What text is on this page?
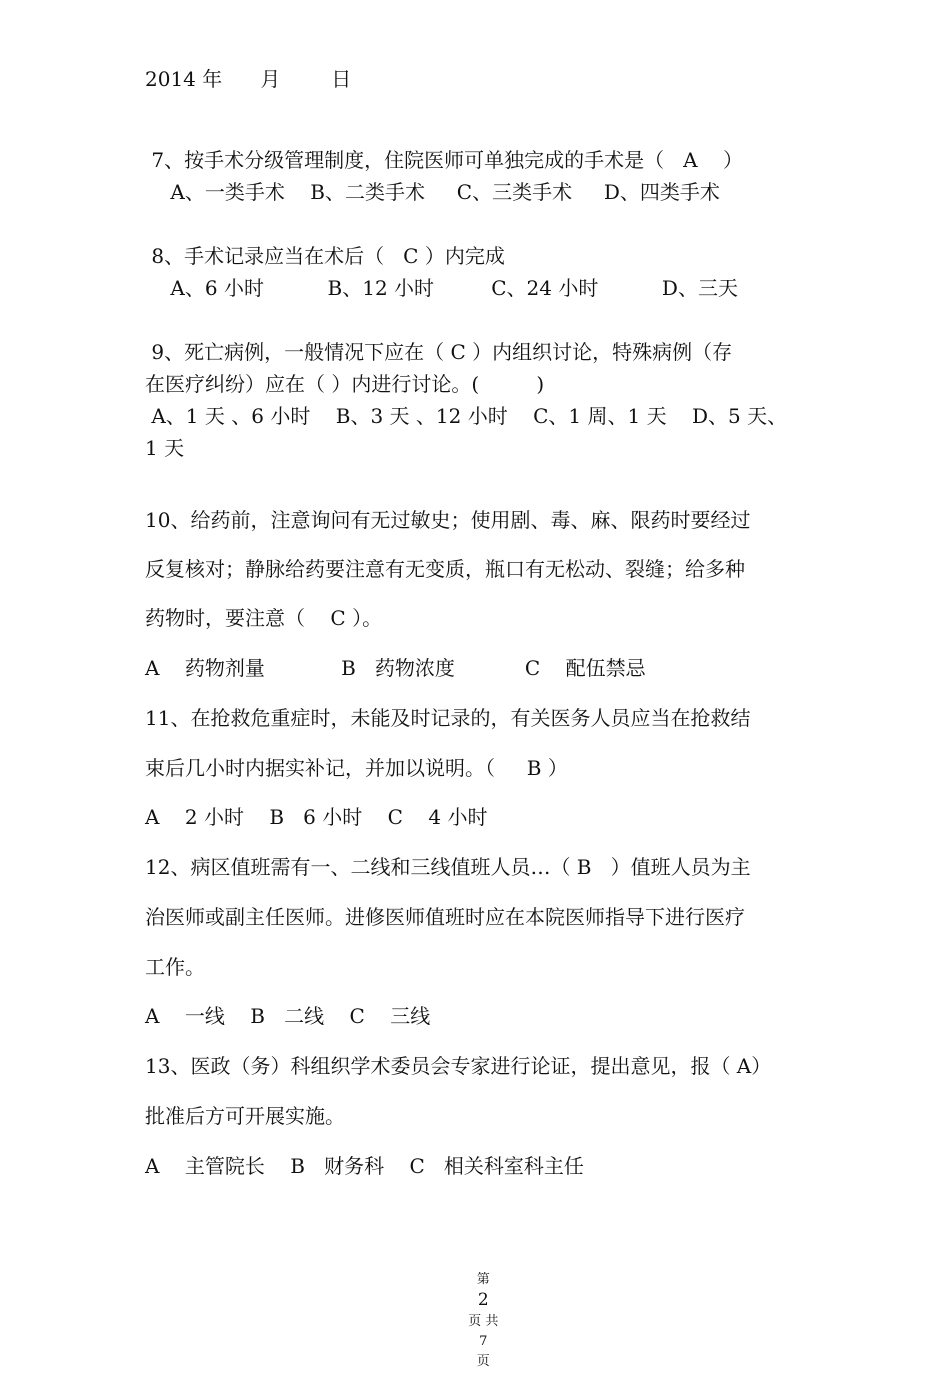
2014 年      月        日
7、按手术分级管理制度，住院医师可单独完成的手术是（   A    ）
A、一类手术    B、二类手术     C、三类手术     D、四类手术
8、手术记录应当在术后（   C ）内完成
A、6 小时          B、12 小时         C、24 小时          D、三天
9、死亡病例，一般情况下应在（ C ）内组织讨论，特殊病例（存
在医疗纠纷）应在（ ）内进行讨论。(         )
A、1 天 、6 小时    B、3 天 、12 小时    C、1 周、1 天    D、5 天、
1 天
10、给药前，注意询问有无过敏史；使用剧、毒、麻、限药时要经过
反复核对；静脉给药要注意有无变质，瓶口有无松动、裂缝；给多种
药物时，要注意（    C ）。
A    药物剂量            B   药物浓度           C    配伍禁忌
11、在抢救危重症时，未能及时记录的，有关医务人员应当在抢救结
束后几小时内据实补记，并加以说明。（     B ）
A    2 小时    B   6 小时    C    4 小时
12、病区值班需有一、二线和三线值班人员…（ B   ）值班人员为主
治医师或副主任医师。进修医师值班时应在本院医师指导下进行医疗
工作。
A    一线    B   二线    C    三线
13、医政（务）科组织学术委员会专家进行论证，提出意见，报（ A）
批准后方可开展实施。
A    主管院长    B   财务科    C   相关科室科主任

第
2
页 共
7
页
